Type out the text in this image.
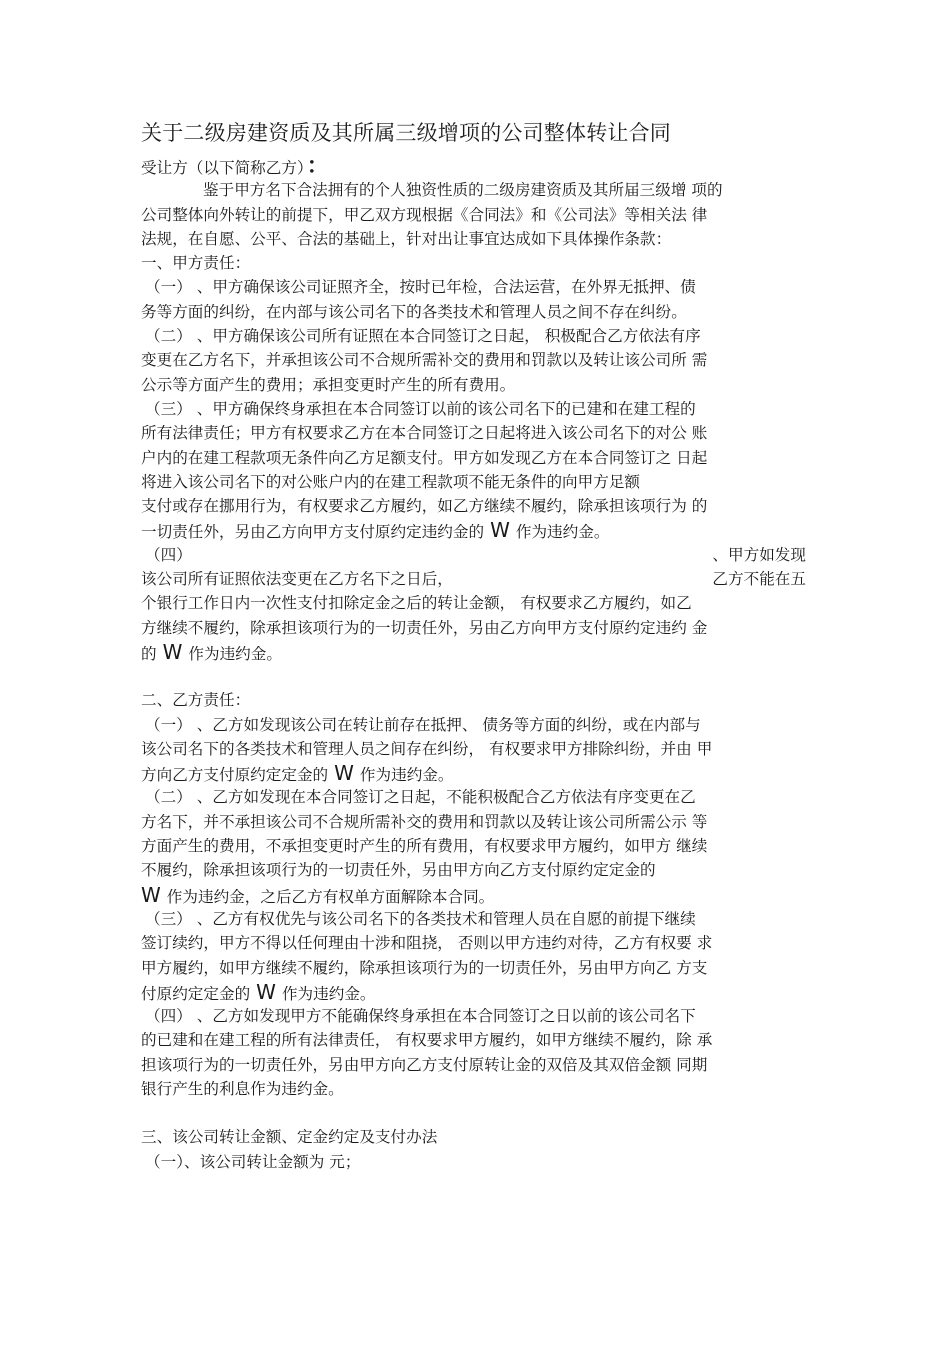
关于二级房建资质及其所属三级增项的公司整体转让合同
受让方（以下简称乙方）：
鉴于甲方名下合法拥有的个人独资性质的二级房建资质及其所届三级增 项的
公司整体向外转让的前提下，甲乙双方现根据《合同法》和《公司法》等相关法 律
法规，在自愿、公平、合法的基础上，针对出让事宜达成如下具体操作条款：
一、甲方责任：
（一） 、甲方确保该公司证照齐全，按时已年检，合法运营，在外界无抵押、债
务等方面的纠纷，在内部与该公司名下的各类技术和管理人员之间不存在纠纷。
（二） 、甲方确保该公司所有证照在本合同签订之日起， 积极配合乙方依法有序
变更在乙方名下，并承担该公司不合规所需补交的费用和罚款以及转让该公司所 需
公示等方面产生的费用；承担变更时产生的所有费用。
（三） 、甲方确保终身承担在本合同签订以前的该公司名下的已建和在建工程的
所有法律责任；甲方有权要求乙方在本合同签订之日起将进入该公司名下的对公 账
户内的在建工程款项无条件向乙方足额支付。甲方如发现乙方在本合同签订之 日起
将进入该公司名下的对公账户内的在建工程款项不能无条件的向甲方足额
支付或存在挪用行为，有权要求乙方履约，如乙方继续不履约，除承担该项行为 的
一切责任外，另由乙方向甲方支付原约定违约金的 W 作为违约金。
（四）	、甲方如发现
该公司所有证照依法变更在乙方名下之日后，	乙方不能在五
个银行工作日内一次性支付扣除定金之后的转让金额， 有权要求乙方履约，如乙
方继续不履约，除承担该项行为的一切责任外，另由乙方向甲方支付原约定违约 金
的 W 作为违约金。
二、乙方责任：
（一） 、乙方如发现该公司在转让前存在抵押、 债务等方面的纠纷，或在内部与
该公司名下的各类技术和管理人员之间存在纠纷， 有权要求甲方排除纠纷，并由 甲
方向乙方支付原约定定金的 W 作为违约金。
（二） 、乙方如发现在本合同签订之日起，不能积极配合乙方依法有序变更在乙
方名下，并不承担该公司不合规所需补交的费用和罚款以及转让该公司所需公示 等
方面产生的费用，不承担变更时产生的所有费用，有权要求甲方履约，如甲方 继续
不履约，除承担该项行为的一切责任外，另由甲方向乙方支付原约定定金的
W 作为违约金，之后乙方有权单方面解除本合同。
（三） 、乙方有权优先与该公司名下的各类技术和管理人员在自愿的前提下继续
签订续约，甲方不得以任何理由十涉和阻挠， 否则以甲方违约对待，乙方有权要 求
甲方履约，如甲方继续不履约，除承担该项行为的一切责任外，另由甲方向乙 方支
付原约定定金的 W 作为违约金。
（四） 、乙方如发现甲方不能确保终身承担在本合同签订之日以前的该公司名下
的已建和在建工程的所有法律责任， 有权要求甲方履约，如甲方继续不履约，除 承
担该项行为的一切责任外，另由甲方向乙方支付原转让金的双倍及其双倍金额 同期
银行产生的利息作为违约金。
三、该公司转让金额、定金约定及支付办法
（一）、该公司转让金额为 元；
